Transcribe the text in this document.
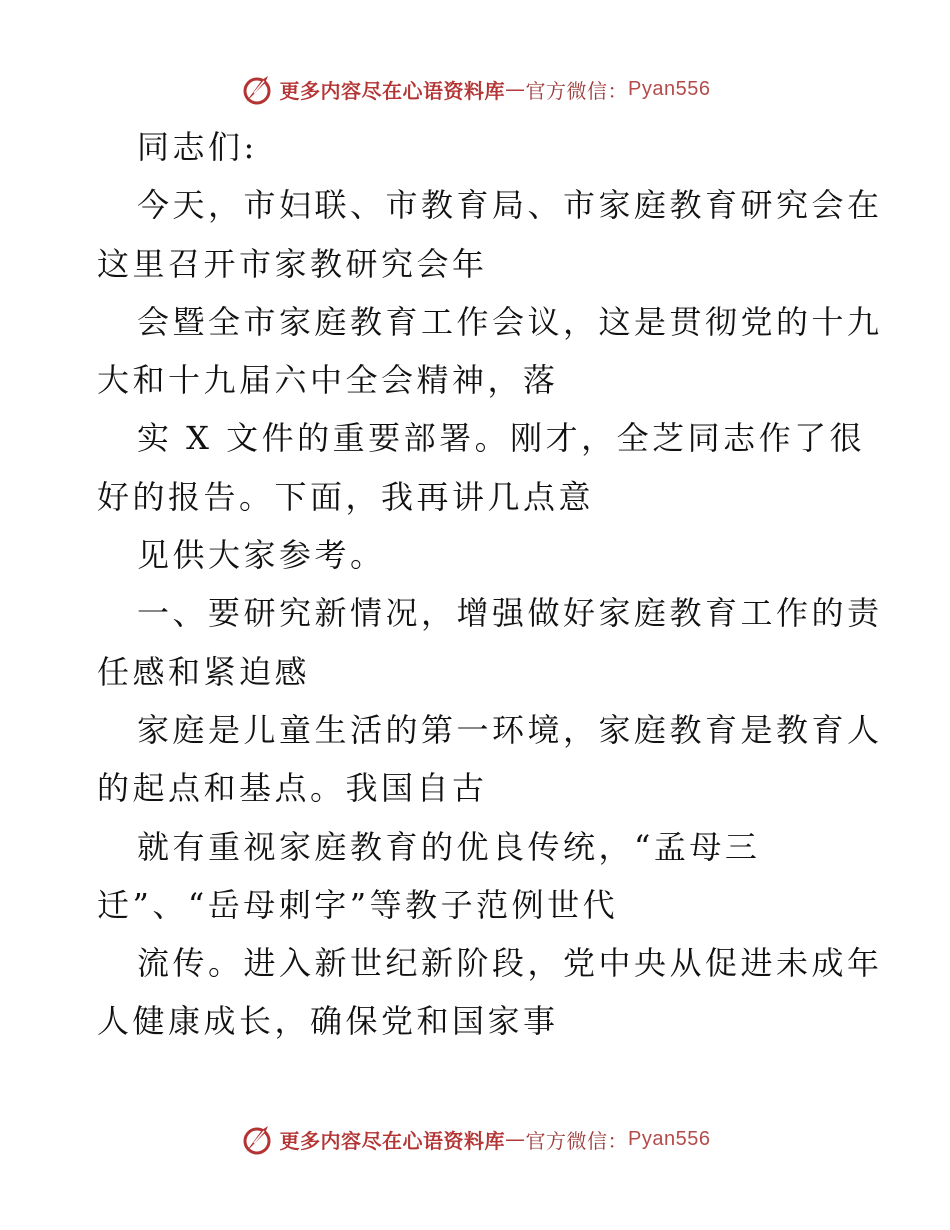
更多内容尽在心语资料库 — 官方微信： Pyan556
同志们:
今天，市妇联、市教育局、市家庭教育研究会在
这里召开市家教研究会年
会暨全市家庭教育工作会议，这是贯彻党的十九
大和十九届六中全会精神，落
实 X 文件的重要部署。刚才，全芝同志作了很
好的报告。下面，我再讲几点意
见供大家参考。
一、要研究新情况，增强做好家庭教育工作的责
任感和紧迫感
家庭是儿童生活的第一环境，家庭教育是教育人
的起点和基点。我国自古
就有重视家庭教育的优良传统，“孟母三
迁”、“岳母刺字”等教子范例世代
流传。进入新世纪新阶段，党中央从促进未成年
人健康成长，确保党和国家事
更多内容尽在心语资料库 — 官方微信： Pyan556
